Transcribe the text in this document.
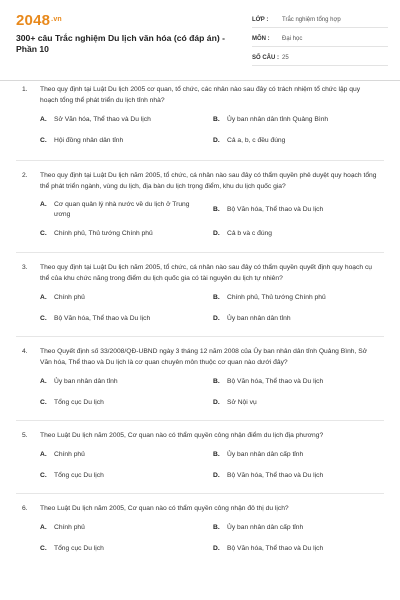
$2048^{.vn}$
300+ câu Trắc nghiệm Du lịch văn hóa (có đáp án) - Phần 10
LỚP :	Trắc nghiệm tổng hợp
MÔN :	Đại học
SỐ CÂU : 25
1.	Theo quy định tại Luật Du lịch 2005 cơ quan, tổ chức, các nhân nào sau đây có trách nhiệm tổ chức lập quy hoạch tổng thể phát triển du lịch tỉnh nhà?
A.	Sở Văn hóa, Thể thao và Du lịch	B.	Ủy ban nhân dân tỉnh Quảng Bình
C.	Hội đồng nhân dân tỉnh	D.	Cả a, b, c đều đúng
2.	Theo quy định tại Luật Du lịch năm 2005, tổ chức, cá nhân nào sau đây có thẩm quyền phê duyệt quy hoạch tổng thể phát triển ngành, vùng du lịch, địa bàn du lịch trọng điểm, khu du lịch quốc gia?
A.	Cơ quan quản lý nhà nước về du lịch ở Trung ương
B.	Bộ Văn hóa, Thể thao và Du lịch
C.	Chính phủ, Thủ tướng Chính phủ	D.	Cả b và c đúng
3.	Theo quy định tại Luật Du lịch năm 2005, tổ chức, cá nhân nào sau đây có thẩm quyền quyết định quy hoạch cụ thể của khu chức năng trong điểm du lịch quốc gia có tài nguyên du lịch tự nhiên?
A.	Chính phủ	B.	Chính phủ, Thủ tướng Chính phủ
C.	Bộ Văn hóa, Thể thao và Du lịch	D.	Ủy ban nhân dân tỉnh
4.	Theo Quyết định số 33/2008/QĐ-UBND ngày 3 tháng 12 năm 2008 của Ủy ban nhân dân tỉnh Quảng Bình, Sở Văn hóa, Thể thao và Du lịch là cơ quan chuyên môn thuộc cơ quan nào dưới đây?
A.	Ủy ban nhân dân tỉnh	B.	Bộ Văn hóa, Thể thao và Du lịch
C.	Tổng cục Du lịch	D.	Sở Nội vụ
5.	Theo Luật Du lịch năm 2005, Cơ quan nào có thẩm quyền công nhận điểm du lịch địa phương?
A.	Chính phủ	B.	Ủy ban nhân dân cấp tỉnh
C.	Tổng cục Du lịch	D.	Bộ Văn hóa, Thể thao và Du lịch
6.	Theo Luật Du lịch năm 2005, Cơ quan nào có thẩm quyền công nhận đô thị du lịch?
A.	Chính phủ	B.	Ủy ban nhân dân cấp tỉnh
C.	Tổng cục Du lịch	D.	Bộ Văn hóa, Thể thao và Du lịch
